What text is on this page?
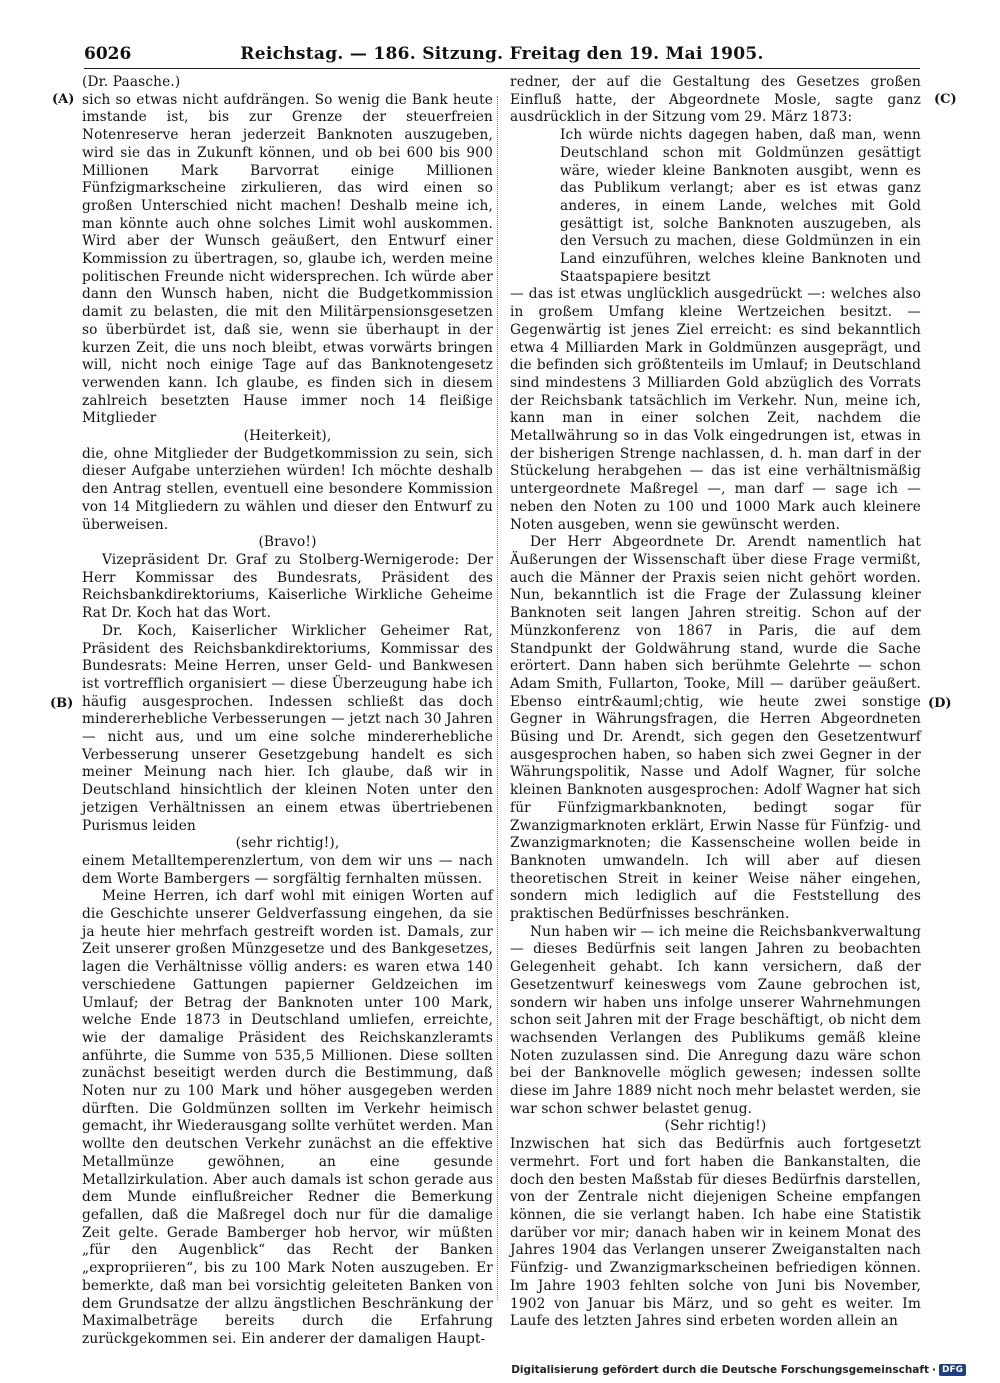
6026	Reichstag. — 186. Sitzung. Freitag den 19. Mai 1905.
(A)
(B)
(C)
(D)

(Dr. Paasche.)

sich so etwas nicht aufdrängen. So wenig die Bank heute imstande ist, bis zur Grenze der steuerfreien Notenreserve heran jederzeit Banknoten auszugeben, wird sie das in Zukunft können, und ob bei 600 bis 900 Millionen Mark Barvorrat einige Millionen Fünfzigmarkscheine zirkulieren, das wird einen so großen Unterschied nicht machen! Deshalb meine ich, man könnte auch ohne solches Limit wohl auskommen. Wird aber der Wunsch geäußert, den Entwurf einer Kommission zu übertragen, so, glaube ich, werden meine politischen Freunde nicht widersprechen. Ich würde aber dann den Wunsch haben, nicht die Budgetkommission damit zu belasten, die mit den Militärpensionsgesetzen so überbürdet ist, daß sie, wenn sie überhaupt in der kurzen Zeit, die uns noch bleibt, etwas vorwärts bringen will, nicht noch einige Tage auf das Banknotengesetz verwenden kann. Ich glaube, es finden sich in diesem zahlreich besetzten Hause immer noch 14 fleißige Mitglieder

(Heiterkeit),

die, ohne Mitglieder der Budgetkommission zu sein, sich dieser Aufgabe unterziehen würden! Ich möchte deshalb den Antrag stellen, eventuell eine besondere Kommission von 14 Mitgliedern zu wählen und dieser den Entwurf zu überweisen.

(Bravo!)

Vizepräsident Dr. Graf zu Stolberg-Wernigerode: Der Herr Kommissar des Bundesrats, Präsident des Reichsbankdirektoriums, Kaiserliche Wirkliche Geheime Rat Dr. Koch hat das Wort.

Dr. Koch, Kaiserlicher Wirklicher Geheimer Rat, Präsident des Reichsbankdirektoriums, Kommissar des Bundesrats: Meine Herren, unser Geld- und Bankwesen ist vortrefflich organisiert — diese Überzeugung habe ich häufig ausgesprochen. Indessen schließt das doch mindererhebliche Verbesserungen — jetzt nach 30 Jahren — nicht aus, und um eine solche mindererhebliche Verbesserung unserer Gesetzgebung handelt es sich meiner Meinung nach hier. Ich glaube, daß wir in Deutschland hinsichtlich der kleinen Noten unter den jetzigen Verhältnissen an einem etwas übertriebenen Purismus leiden

(sehr richtig!),

einem Metalltemperenzlertum, von dem wir uns — nach dem Worte Bambergers — sorgfältig fernhalten müssen.

Meine Herren, ich darf wohl mit einigen Worten auf die Geschichte unserer Geldverfassung eingehen, da sie ja heute hier mehrfach gestreift worden ist. Damals, zur Zeit unserer großen Münzgesetze und des Bankgesetzes, lagen die Verhältnisse völlig anders: es waren etwa 140 verschiedene Gattungen papierner Geldzeichen im Umlauf; der Betrag der Banknoten unter 100 Mark, welche Ende 1873 in Deutschland umliefen, erreichte, wie der damalige Präsident des Reichskanzleramts anführte, die Summe von 535,5 Millionen. Diese sollten zunächst beseitigt werden durch die Bestimmung, daß Noten nur zu 100 Mark und höher ausgegeben werden dürften. Die Goldmünzen sollten im Verkehr heimisch gemacht, ihr Wiederausgang sollte verhütet werden. Man wollte den deutschen Verkehr zunächst an die effektive Metallmünze gewöhnen, an eine gesunde Metallzirkulation. Aber auch damals ist schon gerade aus dem Munde einflußreicher Redner die Bemerkung gefallen, daß die Maßregel doch nur für die damalige Zeit gelte. Gerade Bamberger hob hervor, wir müßten „für den Augenblick“ das Recht der Banken „expropriieren“, bis zu 100 Mark Noten auszugeben. Er bemerkte, daß man bei vorsichtig geleiteten Banken von dem Grundsatze der allzu ängstlichen Beschränkung der Maximalbeträge bereits durch die Erfahrung zurückgekommen sei. Ein anderer der damaligen Haupt-

redner, der auf die Gestaltung des Gesetzes großen Einfluß hatte, der Abgeordnete Mosle, sagte ganz ausdrücklich in der Sitzung vom 29. März 1873:

Ich würde nichts dagegen haben, daß man, wenn Deutschland schon mit Goldmünzen gesättigt wäre, wieder kleine Banknoten ausgibt, wenn es das Publikum verlangt; aber es ist etwas ganz anderes, in einem Lande, welches mit Gold gesättigt ist, solche Banknoten auszugeben, als den Versuch zu machen, diese Goldmünzen in ein Land einzuführen, welches kleine Banknoten und Staatspapiere besitzt

— das ist etwas unglücklich ausgedrückt —: welches also in großem Umfang kleine Wertzeichen besitzt. — Gegenwärtig ist jenes Ziel erreicht: es sind bekanntlich etwa 4 Milliarden Mark in Goldmünzen ausgeprägt, und die befinden sich größtenteils im Umlauf; in Deutschland sind mindestens 3 Milliarden Gold abzüglich des Vorrats der Reichsbank tatsächlich im Verkehr. Nun, meine ich, kann man in einer solchen Zeit, nachdem die Metallwährung so in das Volk eingedrungen ist, etwas in der bisherigen Strenge nachlassen, d. h. man darf in der Stückelung herabgehen — das ist eine verhältnismäßig untergeordnete Maßregel —, man darf — sage ich — neben den Noten zu 100 und 1000 Mark auch kleinere Noten ausgeben, wenn sie gewünscht werden.

Der Herr Abgeordnete Dr. Arendt namentlich hat Äußerungen der Wissenschaft über diese Frage vermißt, auch die Männer der Praxis seien nicht gehört worden. Nun, bekanntlich ist die Frage der Zulassung kleiner Banknoten seit langen Jahren streitig. Schon auf der Münzkonferenz von 1867 in Paris, die auf dem Standpunkt der Goldwährung stand, wurde die Sache erörtert. Dann haben sich berühmte Gelehrte — schon Adam Smith, Fullarton, Tooke, Mill — darüber geäußert. Ebenso eintr&auml;chtig, wie heute zwei sonstige Gegner in Währungsfragen, die Herren Abgeordneten Büsing und Dr. Arendt, sich gegen den Gesetzentwurf ausgesprochen haben, so haben sich zwei Gegner in der Währungspolitik, Nasse und Adolf Wagner, für solche kleinen Banknoten ausgesprochen: Adolf Wagner hat sich für Fünfzigmarkbanknoten, bedingt sogar für Zwanzigmarknoten erklärt, Erwin Nasse für Fünfzig- und Zwanzigmarknoten; die Kassenscheine wollen beide in Banknoten umwandeln. Ich will aber auf diesen theoretischen Streit in keiner Weise näher eingehen, sondern mich lediglich auf die Feststellung des praktischen Bedürfnisses beschränken.

Nun haben wir — ich meine die Reichsbankverwaltung — dieses Bedürfnis seit langen Jahren zu beobachten Gelegenheit gehabt. Ich kann versichern, daß der Gesetzentwurf keineswegs vom Zaune gebrochen ist, sondern wir haben uns infolge unserer Wahrnehmungen schon seit Jahren mit der Frage beschäftigt, ob nicht dem wachsenden Verlangen des Publikums gemäß kleine Noten zuzulassen sind. Die Anregung dazu wäre schon bei der Banknovelle möglich gewesen; indessen sollte diese im Jahre 1889 nicht noch mehr belastet werden, sie war schon schwer belastet genug.

(Sehr richtig!)

Inzwischen hat sich das Bedürfnis auch fortgesetzt vermehrt. Fort und fort haben die Bankanstalten, die doch den besten Maßstab für dieses Bedürfnis darstellen, von der Zentrale nicht diejenigen Scheine empfangen können, die sie verlangt haben. Ich habe eine Statistik darüber vor mir; danach haben wir in keinem Monat des Jahres 1904 das Verlangen unserer Zweiganstalten nach Fünfzig- und Zwanzigmarkscheinen befriedigen können. Im Jahre 1903 fehlten solche von Juni bis November, 1902 von Januar bis März, und so geht es weiter. Im Laufe des letzten Jahres sind erbeten worden allein an

Digitalisierung gefördert durch die Deutsche Forschungsgemeinschaft · DFG
